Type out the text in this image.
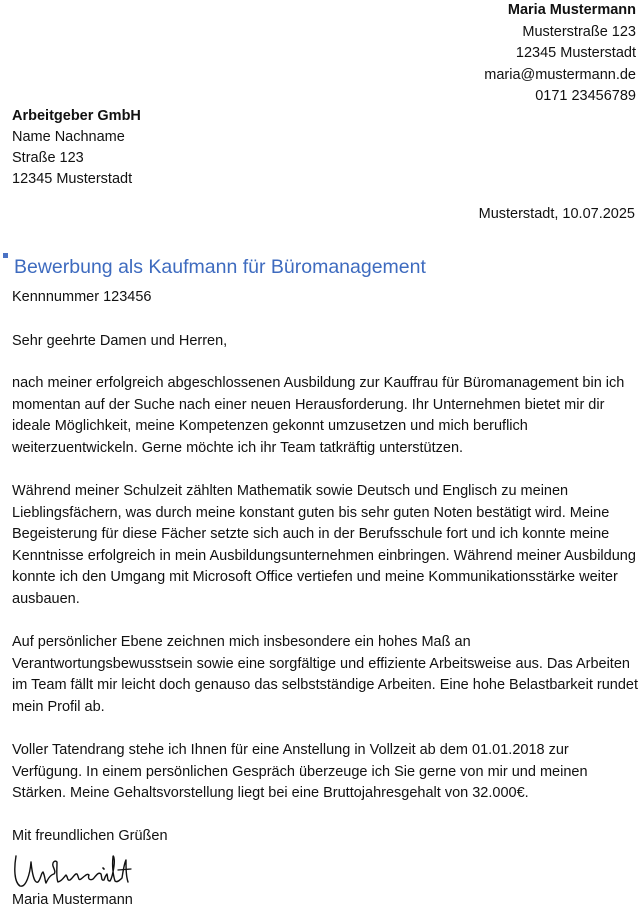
Maria Mustermann
Musterstraße 123
12345 Musterstadt
maria@mustermann.de
0171 23456789
Arbeitgeber GmbH
Name Nachname
Straße 123
12345 Musterstadt
Musterstadt, 10.07.2025
Bewerbung als Kaufmann für Büromanagement
Kennnummer 123456
Sehr geehrte Damen und Herren,

nach meiner erfolgreich abgeschlossenen Ausbildung zur Kauffrau für Büromanagement bin ich momentan auf der Suche nach einer neuen Herausforderung. Ihr Unternehmen bietet mir dir ideale Möglichkeit, meine Kompetenzen gekonnt umzusetzen und mich beruflich weiterzuentwickeln. Gerne möchte ich ihr Team tatkräftig unterstützen.

Während meiner Schulzeit zählten Mathematik sowie Deutsch und Englisch zu meinen Lieblingsfächern, was durch meine konstant guten bis sehr guten Noten bestätigt wird. Meine Begeisterung für diese Fächer setzte sich auch in der Berufsschule fort und ich konnte meine Kenntnisse erfolgreich in mein Ausbildungsunternehmen einbringen. Während meiner Ausbildung konnte ich den Umgang mit Microsoft Office vertiefen und meine Kommunikationsstärke weiter ausbauen.

Auf persönlicher Ebene zeichnen mich insbesondere ein hohes Maß an Verantwortungsbewusstsein sowie eine sorgfältige und effiziente Arbeitsweise aus. Das Arbeiten im Team fällt mir leicht doch genauso das selbstständige Arbeiten. Eine hohe Belastbarkeit rundet mein Profil ab.

Voller Tatendrang stehe ich Ihnen für eine Anstellung in Vollzeit ab dem 01.01.2018 zur Verfügung. In einem persönlichen Gespräch überzeuge ich Sie gerne von mir und meinen Stärken. Meine Gehaltsvorstellung liegt bei eine Bruttojahresgehalt von 32.000€.

Mit freundlichen Grüßen
Maria Mustermann
